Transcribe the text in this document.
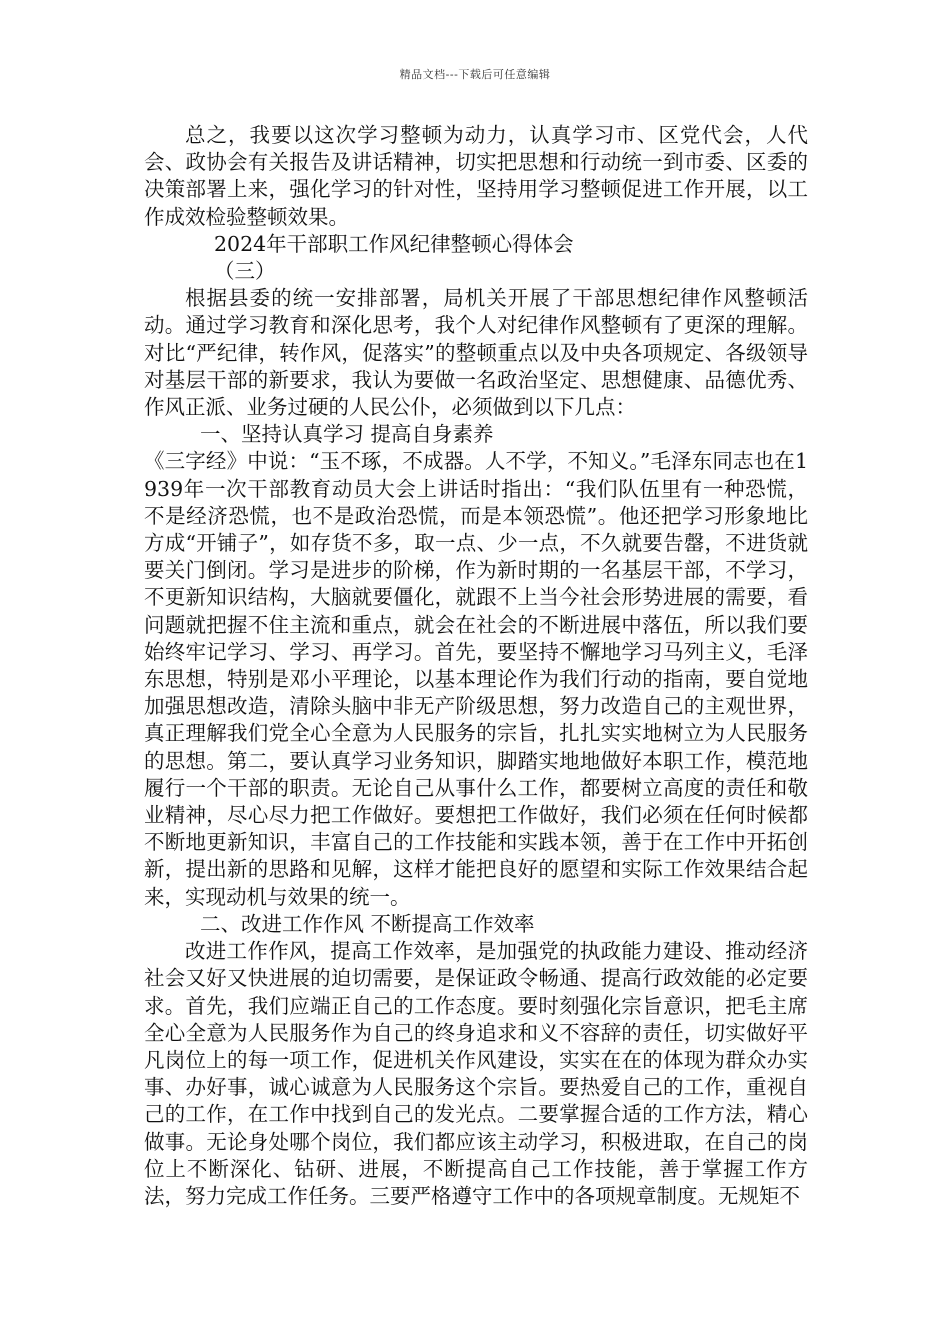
精品文档---下载后可任意编辑

总之，我要以这次学习整顿为动力，认真学习市、区党代会，人代会、政协会有关报告及讲话精神，切实把思想和行动统一到市委、区委的决策部署上来，强化学习的针对性，坚持用学习整顿促进工作开展，以工作成效检验整顿效果。

2024年干部职工作风纪律整顿心得体会

（三）

根据县委的统一安排部署，局机关开展了干部思想纪律作风整顿活动。通过学习教育和深化思考，我个人对纪律作风整顿有了更深的理解。对比“严纪律，转作风，促落实”的整顿重点以及中央各项规定、各级领导对基层干部的新要求，我认为要做一名政治坚定、思想健康、品德优秀、作风正派、业务过硬的人民公仆，必须做到以下几点：

一、坚持认真学习 提高自身素养

《三字经》中说：“玉不琢，不成器。人不学，不知义。”毛泽东同志也在1939年一次干部教育动员大会上讲话时指出：“我们队伍里有一种恐慌，不是经济恐慌，也不是政治恐慌，而是本领恐慌”。他还把学习形象地比方成“开铺子”，如存货不多，取一点、少一点，不久就要告罄，不进货就要关门倒闭。学习是进步的阶梯，作为新时期的一名基层干部，不学习，不更新知识结构，大脑就要僵化，就跟不上当今社会形势进展的需要，看问题就把握不住主流和重点，就会在社会的不断进展中落伍，所以我们要始终牢记学习、学习、再学习。首先，要坚持不懈地学习马列主义，毛泽东思想，特别是邓小平理论，以基本理论作为我们行动的指南，要自觉地加强思想改造，清除头脑中非无产阶级思想，努力改造自己的主观世界，真正理解我们党全心全意为人民服务的宗旨，扎扎实实地树立为人民服务的思想。第二，要认真学习业务知识，脚踏实地地做好本职工作，模范地履行一个干部的职责。无论自己从事什么工作，都要树立高度的责任和敬业精神，尽心尽力把工作做好。要想把工作做好，我们必须在任何时候都不断地更新知识，丰富自己的工作技能和实践本领，善于在工作中开拓创新，提出新的思路和见解，这样才能把良好的愿望和实际工作效果结合起来，实现动机与效果的统一。

二、改进工作作风 不断提高工作效率

改进工作作风，提高工作效率，是加强党的执政能力建设、推动经济社会又好又快进展的迫切需要，是保证政令畅通、提高行政效能的必定要求。首先，我们应端正自己的工作态度。要时刻强化宗旨意识，把毛主席全心全意为人民服务作为自己的终身追求和义不容辞的责任，切实做好平凡岗位上的每一项工作，促进机关作风建设，实实在在的体现为群众办实事、办好事，诚心诚意为人民服务这个宗旨。要热爱自己的工作，重视自己的工作，在工作中找到自己的发光点。二要掌握合适的工作方法，精心做事。无论身处哪个岗位，我们都应该主动学习，积极进取，在自己的岗位上不断深化、钻研、进展，不断提高自己工作技能，善于掌握工作方法，努力完成工作任务。三要严格遵守工作中的各项规章制度。无规矩不
